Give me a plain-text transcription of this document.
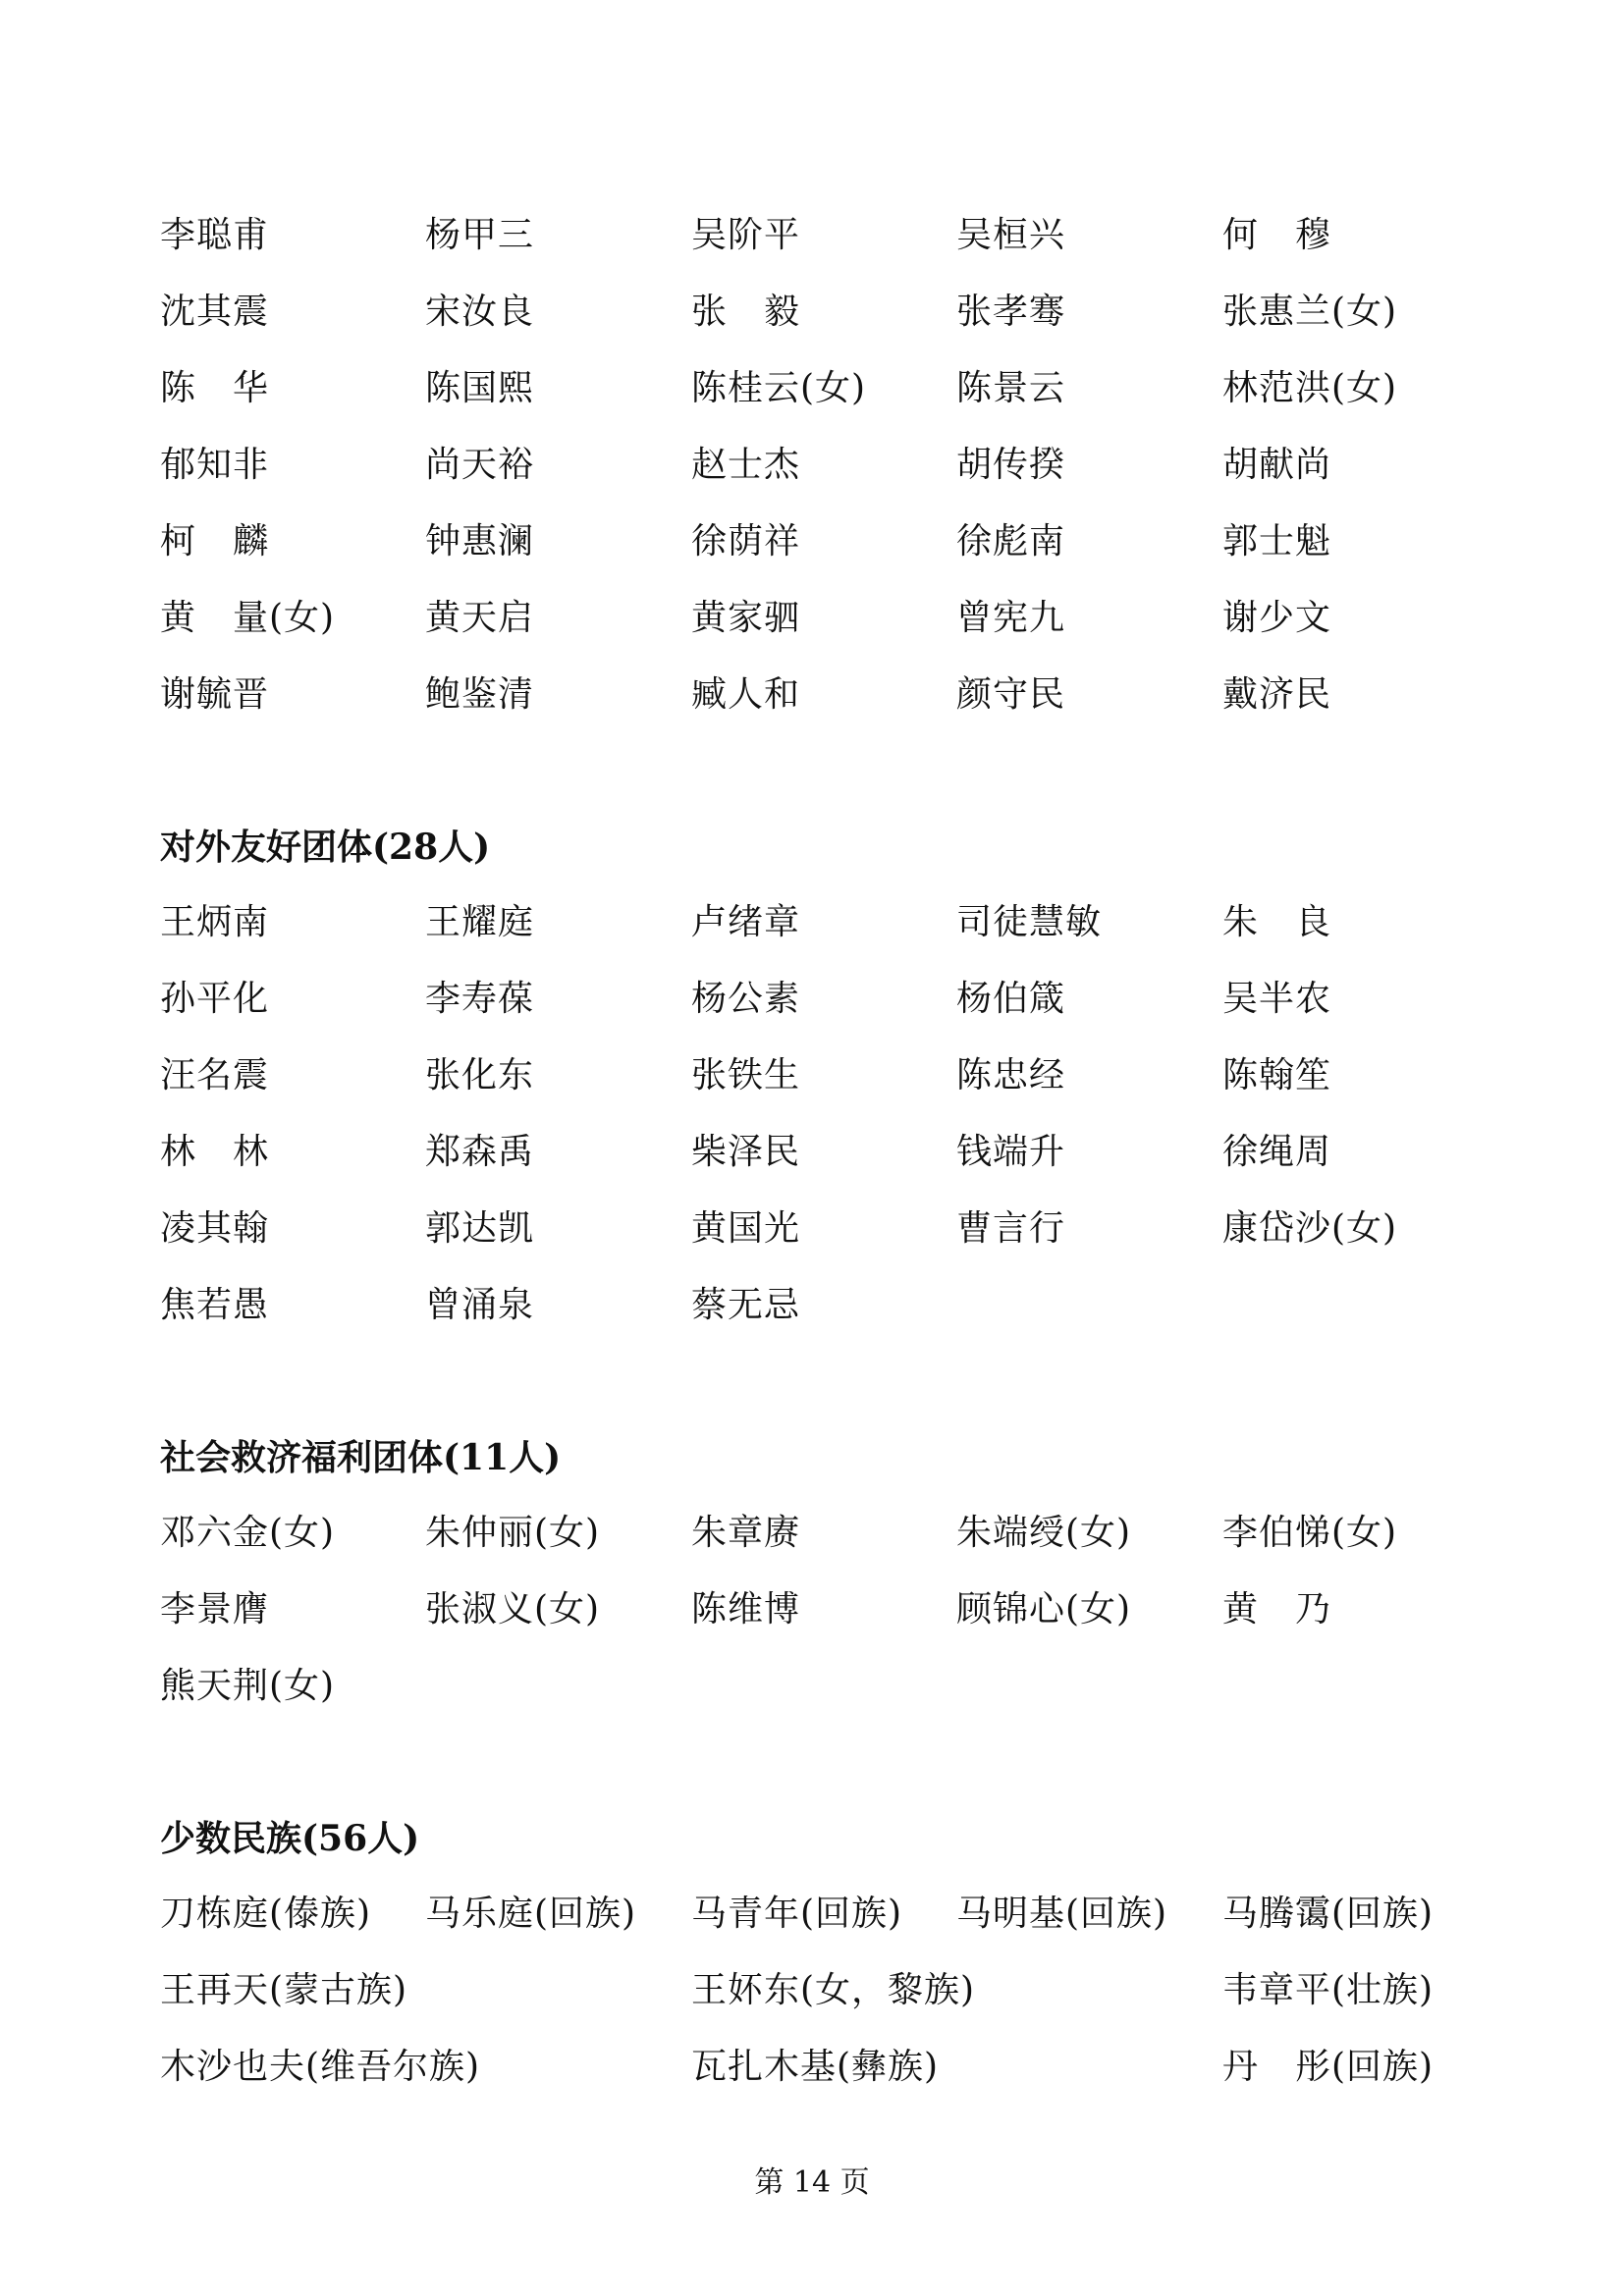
李聪甫	杨甲三	吴阶平	吴桓兴	何　穆
沈其震	宋汝良	张　毅	张孝骞	张惠兰(女)
陈　华	陈国熙	陈桂云(女)	陈景云	林范洪(女)
郁知非	尚天裕	赵士杰	胡传揆	胡献尚
柯　麟	钟惠澜	徐荫祥	徐彪南	郭士魁
黄　量(女)	黄天启	黄家驷	曾宪九	谢少文
谢毓晋	鲍鉴清	臧人和	颜守民	戴济民
对外友好团体(28人)
王炳南	王耀庭	卢绪章	司徒慧敏	朱　良
孙平化	李寿葆	杨公素	杨伯箴	吴半农
汪名震	张化东	张铁生	陈忠经	陈翰笙
林　林	郑森禹	柴泽民	钱端升	徐绳周
凌其翰	郭达凯	黄国光	曹言行	康岱沙(女)
焦若愚	曾涌泉	蔡无忌
社会救济福利团体(11人)
邓六金(女)	朱仲丽(女)	朱章赓	朱端绶(女)	李伯悌(女)
李景膺	张淑义(女)	陈维博	顾锦心(女)	黄　乃
熊天荆(女)
少数民族(56人)
刀栋庭(傣族) 马乐庭(回族) 马青年(回族) 马明基(回族) 马腾霭(回族)
王再天(蒙古族)	王妚东(女，黎族)	韦章平(壮族)
木沙也夫(维吾尔族)	瓦扎木基(彝族)	丹　彤(回族)
第 14 页
